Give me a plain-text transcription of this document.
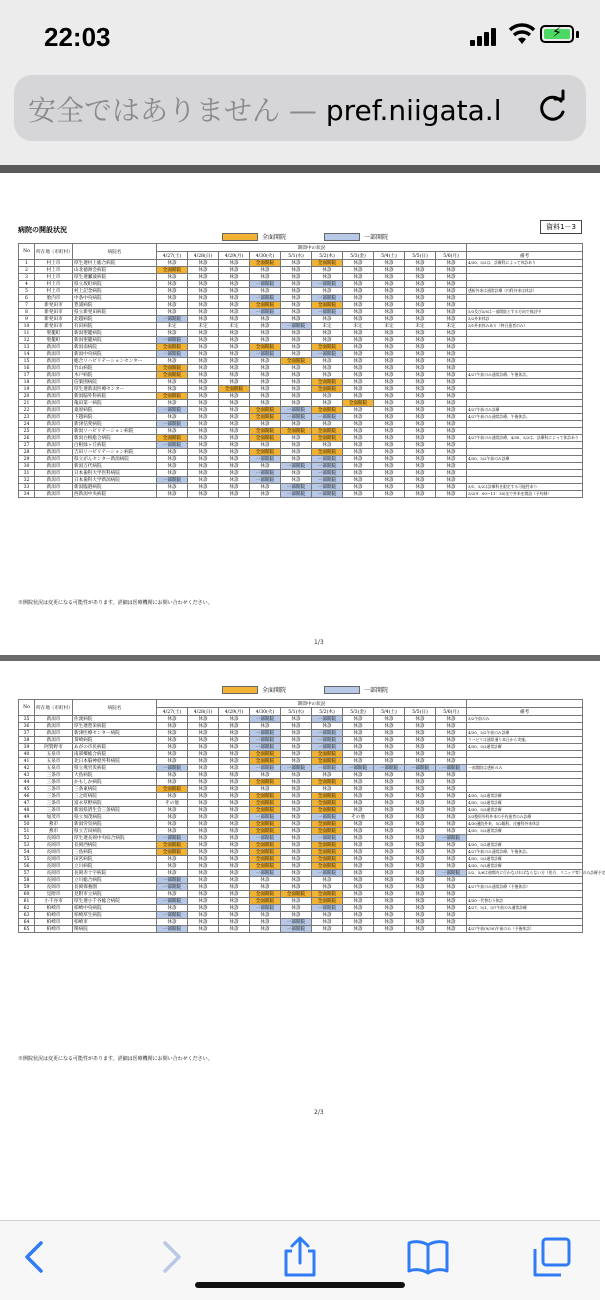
22:03	⚡
安全ではありません — pref.niigata.l
病院の開設状況	資料1－3
全面開院	一部開院
No	所在地（市町村）	病院名	期間中の状況										
			4/27(土)	4/28(日)	4/29(月)	4/30(火)	5/1(水)	5/2(木)	5/3(金)	5/4(土)	5/5(日)	5/6(月)	備考
1	村上市	厚生連村上総合病院	休診	休診	休診	全面開院	休診	全面開院	休診	休診	休診	休診	4/30、5/2は、診療科によって休診あり
2	村上市	山北徳洲会病院	全面開院	休診	休診	休診	休診	休診	休診	休診	休診	休診	
3	村上市	厚生連瀬波病院	休診	休診	休診	休診	休診	休診	休診	休診	休診	休診	
4	村上市	県立坂町病院	休診	休診	休診	一部開院	休診	一部開院	休診	休診	休診	休診	
5	村上市	村上記念病院	休診	休診	休診	休診	休診	休診	休診	休診	休診	休診	透析外来は通常診療（内科外来は休診）
6	胎内市	中条中央病院	休診	休診	休診	一部開院	休診	一部開院	休診	休診	休診	休診	
7	新発田市	豊浦病院	休診	休診	休診	全面開院	休診	全面開院	休診	休診	休診	休診	
8	新発田市	県立新発田病院	休診	休診	休診	一部開院	休診	一部開院	休診	休診	休診	休診	5/3及び5/5は一部開院とする方向で検討中
9	新発田市	北越病院	一部開院	休診	休診	休診	休診	休診	休診	休診	休診	休診	5/2外来休診
10	新発田市	有田病院	未定	未定	未定	休診	一部開院	未定	未定	未定	未定	未定	5/1外来休みあり（終日患者のみ）
11	聖籠町	新潟聖籠病院	休診	休診	休診	休診	休診	休診	休診	休診	休診	休診	
12	聖籠町	新潟聖籠病院	一部開院	休診	休診	休診	休診	休診	休診	休診	休診	休診	
13	新潟市	新潟南病院	全面開院	休診	休診	全面開院	休診	全面開院	休診	休診	休診	休診	
14	新潟市	新潟中央病院	一部開院	休診	休診	一部開院	休診	一部開院	休診	休診	休診	休診	
15	新潟市	総合リハビリテーションセンター	休診	休診	休診	休診	全面開院	休診	休診	休診	休診	休診	
16	新潟市	竹山病院	全面開院	休診	休診	休診	休診	休診	休診	休診	休診	休診	
17	新潟市	木戸病院	全面開院	休診	休診	休診	休診	休診	休診	休診	休診	休診	4/27午前のみ通常診療、午後休診。
18	新潟市	信楽園病院	休診	休診	休診	休診	休診	全面開院	休診	休診	休診	休診	
19	新潟市	厚生連新潟医療センター	休診	休診	全面開院	休診	休診	全面開院	休診	休診	休診	休診	
20	新潟市	新潟脳外科病院	全面開院	休診	休診	休診	休診	休診	休診	休診	休診	休診	
21	新潟市	亀田第一病院	休診	休診	休診	休診	休診	休診	全面開院	休診	休診	休診	
22	新潟市	桑原病院	一部開院	休診	休診	全面開院	一部開院	全面開院	休診	休診	休診	休診	4/27午前のみ診療
23	新潟市	下越病院	休診	休診	休診	全面開院	一部開院	一部開院	休診	休診	休診	休診	4/27午前のみ通常診療、午後休診。
24	新潟市	新津信愛病院	一部開院	休診	休診	休診	休診	休診	休診	休診	休診	休診	
25	新潟市	新潟リハビリテーション病院	休診	休診	休診	全面開院	全面開院	全面開院	休診	休診	休診	休診	
26	新潟市	新潟白根総合病院	全面開院	休診	休診	全面開院	休診	全面開院	休診	休診	休診	休診	4/27午前のみ通常診療、4/30、5/2は、診療科によって休診あり
27	新潟市	白根緑ヶ丘病院	一部開院	休診	休診	休診	休診	休診	休診	休診	休診	休診	
28	新潟市	吉田リハビリテーション病院	休診	休診	休診	全面開院	休診	全面開院	休診	休診	休診	休診	
29	新潟市	県立がんセンター新潟病院	休診	休診	休診	一部開院	休診	一部開院	休診	休診	休診	休診	4/30、5/2午前のみ診療
30	新潟市	新潟万代病院	休診	休診	休診	休診	一部開院	一部開院	休診	休診	休診	休診	
31	新潟市	日本歯科大学医科病院	休診	休診	休診	一部開院	休診	一部開院	休診	休診	休診	休診	
32	新潟市	日本歯科大学新潟病院	一部開院	休診	休診	一部開院	休診	一部開院	休診	休診	休診	休診	
33	新潟市	新潟臨港病院	休診	休診	休診	休診	一部開院	一部開院	休診	休診	休診	休診	5/1、5/2は診療科を限定する可能性あり
34	新潟市	西新潟中央病院	休診	休診	休診	休診	一部開院	一部開院	休診	休診	休診	休診	5/2(9：00～11：30)まで外来を開設（予約制）
※開院状況は変更になる可能性があります。詳細は医療機関にお問い合わせください。
1/3
全面開院	一部開院
No	所在地（市町村）	病院名	期間中の状況										
			4/27(土)	4/28(日)	4/29(月)	4/30(火)	5/1(水)	5/2(木)	5/3(金)	5/4(土)	5/5(日)	5/6(月)	備考
35	新潟市	佐渡病院	休診	休診	休診	一部開院	休診	一部開院	休診	休診	休診	休診	5/2午前のみ
36	新潟市	厚生連豊栄病院	休診	休診	休診	休診	休診	休診	休診	休診	休診	休診	
37	新潟市	新津医療センター病院	休診	休診	休診	一部開院	休診	一部開院	休診	休診	休診	休診	4/30、5/2午前のみ診療
38	新潟市	葵崎病院	休診	休診	休診	一部開院	休診	一部開院	休診	休診	休診	休診	リハビリは通常通り本日から実施。
39	阿賀野市	あがの市民病院	休診	休診	休診	一部開院	休診	一部開院	休診	休診	休診	休診	4/30、5/2通常診療
40	五泉市	南部郷総合病院	休診	休診	休診	全面開院	休診	全面開院	休診	休診	休診	休診	
41	五泉市	北日本脳神経外科病院	休診	休診	休診	全面開院	休診	全面開院	休診	休診	休診	休診	
42	五泉市	県立燕労災病院	一部開院	休診	休診	一部開院	一部開院	一部開院	一部開院	一部開院	一部開院	一部開院	一部開院は透析のみ
43	三条市	大島病院	休診	休診	休診	休診	休診	休診	休診	休診	休診	休診	
44	三条市	かもしか病院	休診	休診	休診	全面開院	休診	全面開院	休診	休診	休診	休診	
45	三条市	三条東病院	全面開院	休診	休診	休診	休診	休診	休診	休診	休診	休診	
46	三条市	三之町病院	休診	休診	休診	全面開院	休診	全面開院	休診	休診	休診	休診	4/30、5/2通常診療
47	三条市	富永草野病院	その他	休診	休診	全面開院	休診	全面開院	休診	休診	休診	休診	4/30、5/2通常診療
48	三条市	新潟県済生会三条病院	休診	休診	休診	全面開院	休診	全面開院	休診	休診	休診	休診	4/30、5/2通常診療
49	加茂市	県立加茂病院	休診	休診	休診	一部開院	休診	一部開院	その他	休診	休診	休診	5/3整形外科外来の予約患者のみ診療
50	燕市	新潟労災病院	休診	休診	休診	全面開院	休診	全面開院	休診	休診	休診	休診	4/30通院外来、5/2眼科、皮膚科外来休診
51	燕市	県立吉田病院	休診	休診	休診	全面開院	休診	全面開院	休診	休診	休診	休診	4/30、5/2通常診療
52	長岡市	厚生連長岡中央綜合病院	一部開院	休診	休診	一部開院	休診	一部開院	休診	休診	休診	一部開院	
53	長岡市	長岡西病院	全面開院	休診	休診	全面開院	休診	全面開院	休診	休診	休診	休診	4/30、5/2通常診療
54	長岡市	三島病院	全面開院	休診	休診	全面開院	休診	全面開院	休診	休診	休診	休診	4/27午前のみ通常診療、午後休診。
55	長岡市	田宮病院	休診	休診	休診	全面開院	休診	全面開院	休診	休診	休診	休診	4/30、5/2通常診療
56	長岡市	立川病院	休診	休診	休診	全面開院	休診	全面開院	休診	休診	休診	休診	4/30、5/2通常診療
57	長岡市	長岡赤十字病院	休診	休診	休診	一部開院	休診	一部開院	休診	休診	休診	一部開院	5/2、5/6は週間内に行かなければならない方（処方、リニック等）のみ診療予定
58	長岡市	立川総合病院	一部開院	休診	休診	休診	休診	休診	休診	休診	休診	休診	
59	長岡市	長岡保養園	一部開院	休診	休診	休診	休診	休診	休診	休診	休診	休診	4/27午前のみ通常診療（予後休診）
60	見附市	見附市立病院	休診	休診	休診	全面開院	全面開院	全面開院	休診	休診	休診	休診	
61	小千谷市	厚生連小千谷総合病院	一部開院	休診	休診	全面開院	休診	全面開院	休診	休診	休診	休診	4/30一代替わり休診
62	柏崎市	柏崎中央病院	休診	休診	休診	一部開院	休診	一部開院	休診	休診	休診	休診	4/27、5/1、5/7午前のみ通常診療
63	柏崎市	柏崎厚生病院	一部開院	休診	休診	休診	休診	休診	休診	休診	休診	休診	
64	柏崎市	柏崎市	休診	休診	休診	休診	一部開院	休診	休診	休診	休診	休診	
65	柏崎市	関病院	一部開院	休診	休診	休診	一部開院	休診	休診	休診	休診	休診	4/27午前(9/30)午前のみ（予後休診）
※開院状況は変更になる可能性があります。詳細は医療機関にお問い合わせください。
2/3
